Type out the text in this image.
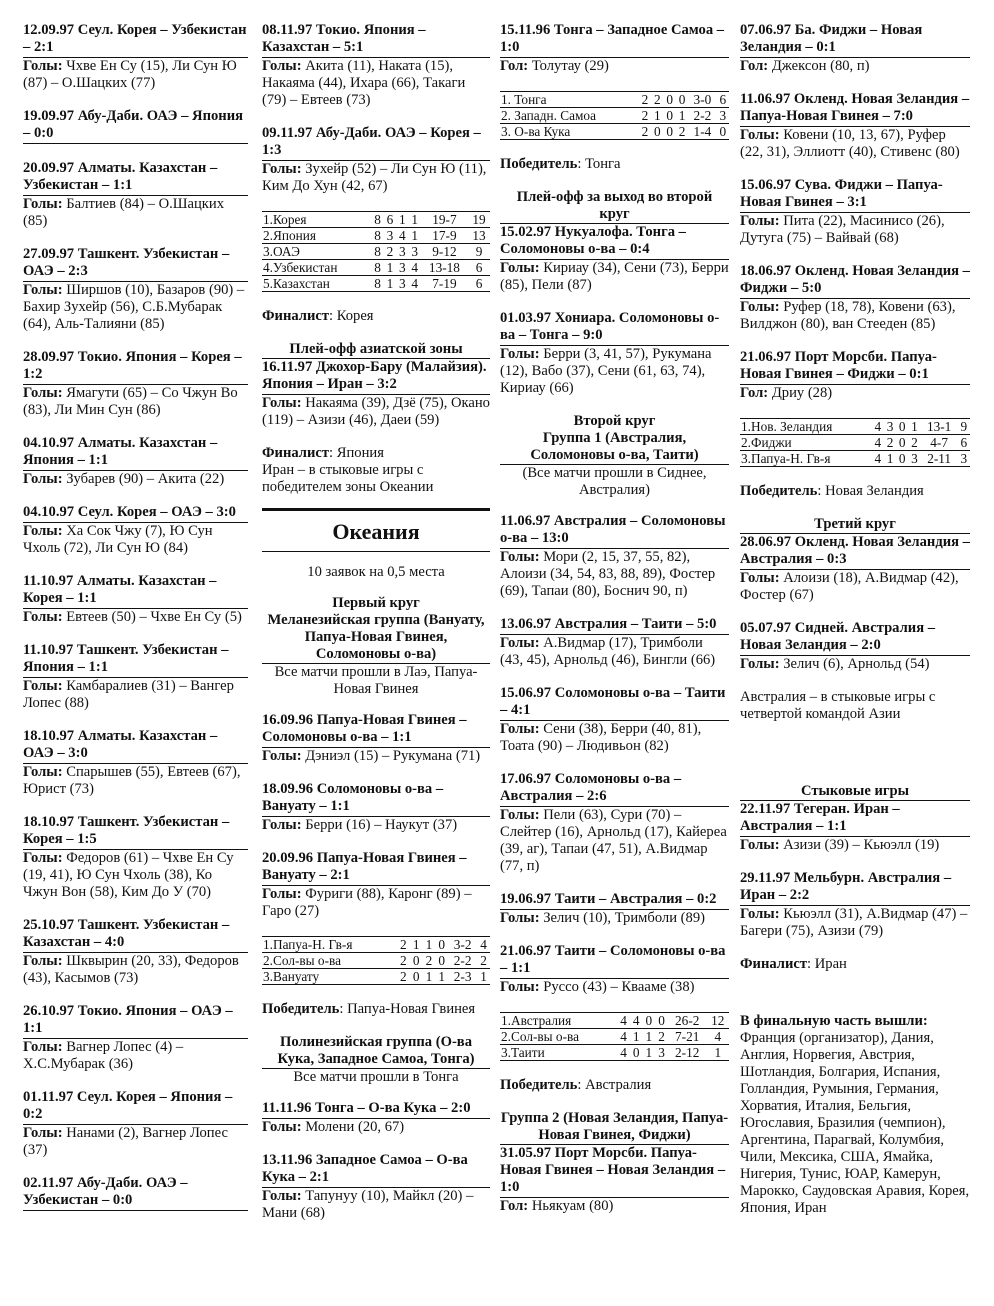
12.09.97 Сеул. Корея – Узбекистан – 2:1
Голы: Чхве Ен Су (15), Ли Сун Ю (87) – О.Шацких (77)
19.09.97 Абу-Даби. ОАЭ – Япония – 0:0
20.09.97 Алматы. Казахстан – Узбекистан – 1:1
Голы: Балтиев (84) – О.Шацких (85)
27.09.97 Ташкент. Узбекистан – ОАЭ – 2:3
Голы: Ширшов (10), Базаров (90) – Бахир Зухейр (56), С.Б.Мубарак (64), Аль-Талияни (85)
28.09.97 Токио. Япония – Корея – 1:2
Голы: Ямагути (65) – Со Чжун Во (83), Ли Мин Сун (86)
04.10.97 Алматы. Казахстан – Япония – 1:1
Голы: Зубарев (90) – Акита (22)
04.10.97 Сеул. Корея – ОАЭ – 3:0
Голы: Ха Сок Чжу (7), Ю Сун Чхоль (72), Ли Сун Ю (84)
11.10.97 Алматы. Казахстан – Корея – 1:1
Голы: Евтеев (50) – Чхве Ен Су (5)
11.10.97 Ташкент. Узбекистан – Япония – 1:1
Голы: Камбаралиев (31) – Вангер Лопес (88)
18.10.97 Алматы. Казахстан – ОАЭ – 3:0
Голы: Спарышев (55), Евтеев (67), Юрист (73)
18.10.97 Ташкент. Узбекистан – Корея – 1:5
Голы: Федоров (61) – Чхве Ен Су (19, 41), Ю Сун Чхоль (38), Ко Чжун Вон (58), Ким До У (70)
25.10.97 Ташкент. Узбекистан – Казахстан – 4:0
Голы: Шквырин (20, 33), Федоров (43), Касымов (73)
26.10.97 Токио. Япония – ОАЭ – 1:1
Голы: Вагнер Лопес (4) – Х.С.Мубарак (36)
01.11.97 Сеул. Корея – Япония – 0:2
Голы: Нанами (2), Вагнер Лопес (37)
02.11.97 Абу-Даби. ОАЭ – Узбекистан – 0:0
08.11.97 Токио. Япония – Казахстан – 5:1
Голы: Акита (11), Наката (15), Накаяма (44), Ихара (66), Такаги (79) – Евтеев (73)
09.11.97 Абу-Даби. ОАЭ – Корея – 1:3
Голы: Зухейр (52) – Ли Сун Ю (11), Ким До Хун (42, 67)
1.Корея	8	6	1	1	19-7	19
2.Япония	8	3	4	1	17-9	13
3.ОАЭ	8	2	3	3	9-12	9
4.Узбекистан	8	1	3	4	13-18	6
5.Казахстан	8	1	3	4	7-19	6
Финалист: Корея
Плей-офф азиатской зоны
16.11.97 Джохор-Бару (Малайзия). Япония – Иран – 3:2
Голы: Накаяма (39), Дзё (75), Окано (119) – Азизи (46), Даеи (59)
Финалист: Япония
Иран – в стыковые игры с победителем зоны Океании
Океания
10 заявок на 0,5 места
Первый круг
Меланезийская группа (Вануату, Папуа-Новая Гвинея, Соломоновы о-ва)
Все матчи прошли в Лаэ, Папуа-Новая Гвинея
16.09.96 Папуа-Новая Гвинея – Соломоновы о-ва – 1:1
Голы: Дэниэл (15) – Рукумана (71)
18.09.96 Соломоновы о-ва – Вануату – 1:1
Голы: Берри (16) – Наукут (37)
20.09.96 Папуа-Новая Гвинея – Вануату – 2:1
Голы: Фуриги (88), Каронг (89) – Гаро (27)
1.Папуа-Н. Гв-я	2	1	1	0	3-2	4
2.Сол-вы о-ва	2	0	2	0	2-2	2
3.Вануату	2	0	1	1	2-3	1
Победитель: Папуа-Новая Гвинея
Полинезийская группа (О-ва Кука, Западное Самоа, Тонга)
Все матчи прошли в Тонга
11.11.96 Тонга – О-ва Кука – 2:0
Голы: Молени (20, 67)
13.11.96 Западное Самоа – О-ва Кука – 2:1
Голы: Тапунуу (10), Майкл (20) – Мани (68)
15.11.96 Тонга – Западное Самоа – 1:0
Гол: Толутау (29)
1. Тонга	2	2	0	0	3-0	6
2. Западн. Самоа	2	1	0	1	2-2	3
3. О-ва Кука	2	0	0	2	1-4	0
Победитель: Тонга
Плей-офф за выход во второй круг
15.02.97 Нукуалофа. Тонга – Соломоновы о-ва – 0:4
Голы: Кириау (34), Сени (73), Берри (85), Пели (87)
01.03.97 Хониара. Соломоновы о-ва – Тонга – 9:0
Голы: Берри (3, 41, 57), Рукумана (12), Вабо (37), Сени (61, 63, 74), Кириау (66)
Второй круг
Группа 1 (Австралия, Соломоновы о-ва, Таити)
(Все матчи прошли в Сиднее, Австралия)
11.06.97 Австралия – Соломоновы о-ва – 13:0
Голы: Мори (2, 15, 37, 55, 82), Алоизи (34, 54, 83, 88, 89), Фостер (69), Тапаи (80), Боснич 90, п)
13.06.97 Австралия – Таити – 5:0
Голы: А.Видмар (17), Тримболи (43, 45), Арнольд (46), Бингли (66)
15.06.97 Соломоновы о-ва – Таити – 4:1
Голы: Сени (38), Берри (40, 81), Тоата (90) – Людивьон (82)
17.06.97 Соломоновы о-ва – Австралия – 2:6
Голы: Пели (63), Сури (70) – Слейтер (16), Арнольд (17), Кайереа (39, аг), Тапаи (47, 51), А.Видмар (77, п)
19.06.97 Таити – Австралия – 0:2
Голы: Зелич (10), Тримболи (89)
21.06.97 Таити – Соломоновы о-ва – 1:1
Голы: Руссо (43) – Квааме (38)
1.Австралия	4	4	0	0	26-2	12
2.Сол-вы о-ва	4	1	1	2	7-21	4
3.Таити	4	0	1	3	2-12	1
Победитель: Австралия
Группа 2 (Новая Зеландия, Папуа-Новая Гвинея, Фиджи)
31.05.97 Порт Морсби. Папуа-Новая Гвинея – Новая Зеландия – 1:0
Гол: Ньякуам (80)
07.06.97 Ба. Фиджи – Новая Зеландия – 0:1
Гол: Джексон (80, п)
11.06.97 Окленд. Новая Зеландия – Папуа-Новая Гвинея – 7:0
Голы: Ковени (10, 13, 67), Руфер (22, 31), Эллиотт (40), Стивенс (80)
15.06.97 Сува. Фиджи – Папуа-Новая Гвинея – 3:1
Голы: Пита (22), Масинисо (26), Дутуга (75) – Вайвай (68)
18.06.97 Окленд. Новая Зеландия – Фиджи – 5:0
Голы: Руфер (18, 78), Ковени (63), Вилджон (80), ван Стееден (85)
21.06.97 Порт Морсби. Папуа-Новая Гвинея – Фиджи – 0:1
Гол: Дриу (28)
1.Нов. Зеландия	4	3	0	1	13-1	9
2.Фиджи	4	2	0	2	4-7	6
3.Папуа-Н. Гв-я	4	1	0	3	2-11	3
Победитель: Новая Зеландия
Третий круг
28.06.97 Окленд. Новая Зеландия – Австралия – 0:3
Голы: Алоизи (18), А.Видмар (42), Фостер (67)
05.07.97 Сидней. Австралия – Новая Зеландия – 2:0
Голы: Зелич (6), Арнольд (54)
Австралия – в стыковые игры с четвертой командой Азии
Стыковые игры
22.11.97 Тегеран. Иран – Австралия – 1:1
Голы: Азизи (39) – Кьюэлл (19)
29.11.97 Мельбурн. Австралия – Иран – 2:2
Голы: Кьюэлл (31), А.Видмар (47) – Багери (75), Азизи (79)
Финалист: Иран
В финальную часть вышли:
Франция (организатор), Дания, Англия, Норвегия, Австрия, Шотландия, Болгария, Испания, Голландия, Румыния, Германия, Хорватия, Италия, Бельгия, Югославия, Бразилия (чемпион), Аргентина, Парагвай, Колумбия, Чили, Мексика, США, Ямайка, Нигерия, Тунис, ЮАР, Камерун, Марокко, Саудовская Аравия, Корея, Япония, Иран
